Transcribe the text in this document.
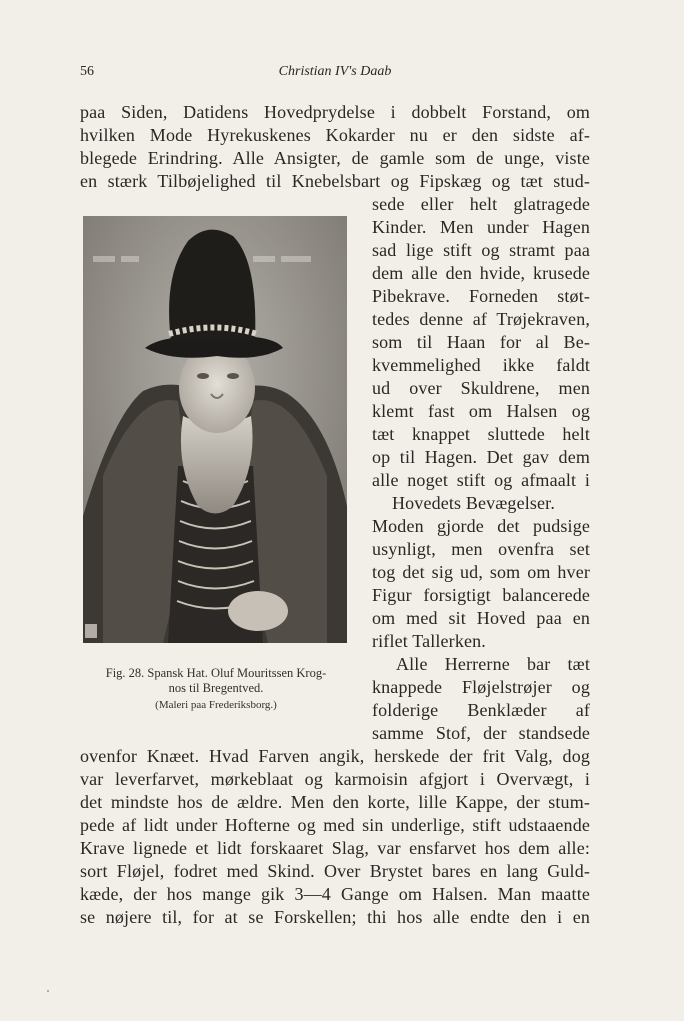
56	Christian IV's Daab
paa Siden, Datidens Hovedprydelse i dobbelt Forstand, om
hvilken Mode Hyrekuskenes Kokarder nu er den sidste af-
blegede Erindring. Alle Ansigter, de gamle som de unge, viste
en stærk Tilbøjelighed til Knebelsbart og Fipskæg og tæt stud-
sede eller helt glatragede
Kinder. Men under Hagen
sad lige stift og stramt paa
dem alle den hvide, krusede
Pibekrave. Forneden støt-
tedes denne af Trøjekraven,
som til Haan for al Be-
kvemmelighed ikke faldt
ud over Skuldrene, men
klemt fast om Halsen og
tæt knappet sluttede helt
op til Hagen. Det gav dem
alle noget stift og afmaalt i
Hovedets Bevægelser.
Moden gjorde det pudsige
usynligt, men ovenfra set
tog det sig ud, som om hver
Figur forsigtigt balancerede
om med sit Hoved paa en
riflet Tallerken.
Alle Herrerne bar tæt
knappede Fløjelstrøjer og
folderige Benklæder af
samme Stof, der standsede
ovenfor Knæet. Hvad Farven angik, herskede der frit Valg, dog
var leverfarvet, mørkeblaat og karmoisin afgjort i Overvægt, i
det mindste hos de ældre. Men den korte, lille Kappe, der stum-
pede af lidt under Hofterne og med sin underlige, stift udstaaende
Krave lignede et lidt forskaaret Slag, var ensfarvet hos dem alle:
sort Fløjel, fodret med Skind. Over Brystet bares en lang Guld-
kæde, der hos mange gik 3—4 Gange om Halsen. Man maatte
se nøjere til, for at se Forskellen; thi hos alle endte den i en
Fig. 28. Spansk Hat. Oluf Mouritssen Krog-
nos til Bregentved.
(Maleri paa Frederiksborg.)
